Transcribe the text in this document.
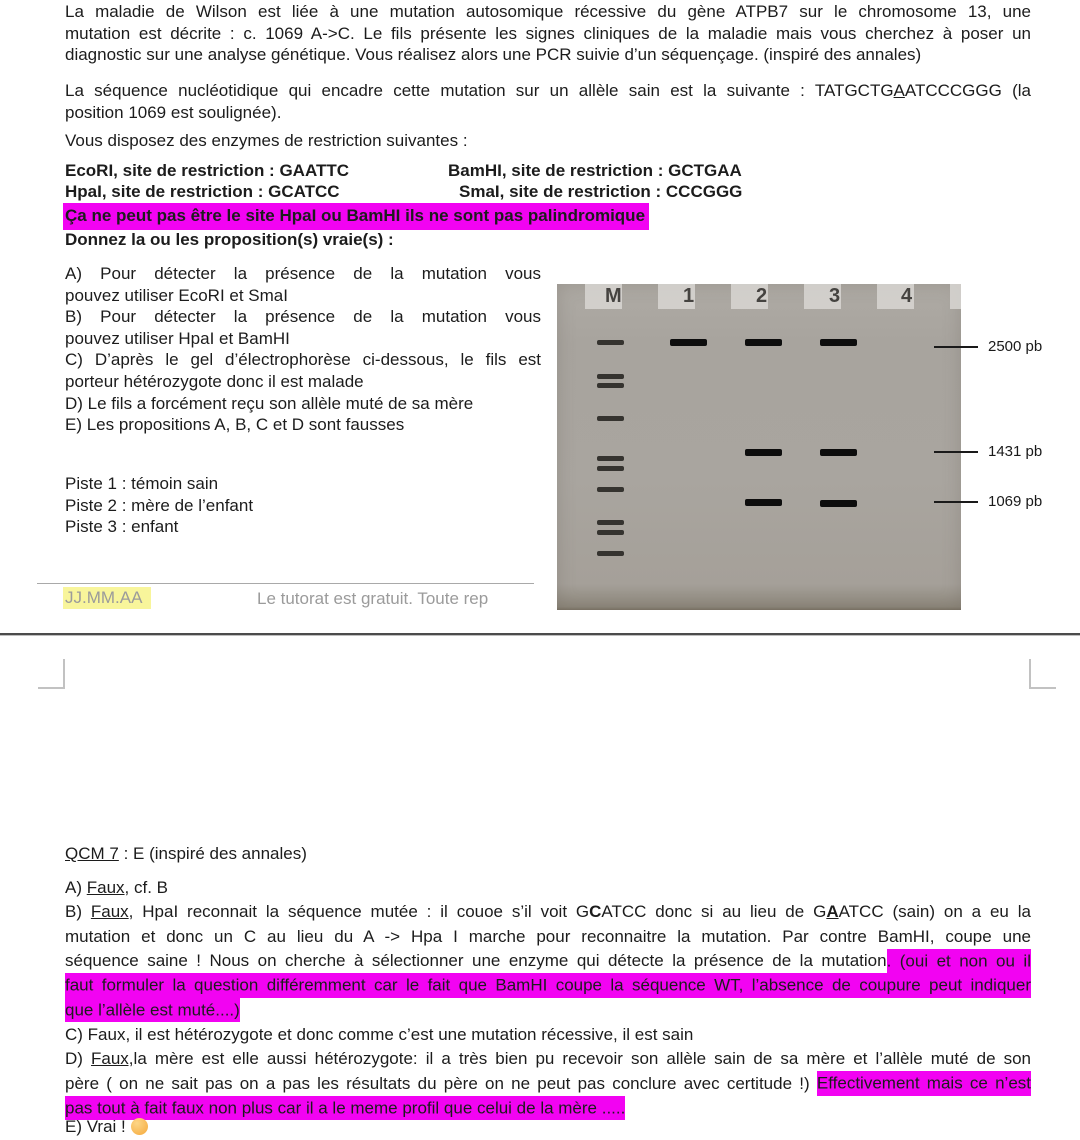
La maladie de Wilson est liée à une mutation autosomique récessive du gène ATPB7 sur le chromosome 13, une
mutation est décrite : c. 1069 A->C. Le fils présente les signes cliniques de la maladie mais vous cherchez à poser un
diagnostic sur une analyse génétique. Vous réalisez alors une PCR suivie d’un séquençage. (inspiré des annales)
La séquence nucléotidique qui encadre cette mutation sur un allèle sain est la suivante : TATGCTGAATCCCGGG (la
position 1069 est soulignée).
Vous disposez des enzymes de restriction suivantes :
EcoRI, site de restriction : GAATTC	BamHI, site de restriction : GCTGAA
HpaI, site de restriction : GCATCC	SmaI, site de restriction : CCCGGG
Ça ne peut pas être le site HpaI ou BamHI ils ne sont pas palindromique
Donnez la ou les proposition(s) vraie(s) :
A) Pour détecter la présence de la mutation vous
pouvez utiliser EcoRI et SmaI
B) Pour détecter la présence de la mutation vous
pouvez utiliser HpaI et BamHI
C) D’après le gel d’électrophorèse ci-dessous, le fils est
porteur hétérozygote donc il est malade
D) Le fils a forcément reçu son allèle muté de sa mère
E) Les propositions A, B, C et D sont fausses
Piste 1 : témoin sain
Piste 2 : mère de l’enfant
Piste 3 : enfant
JJ.MM.AA	Le tutorat est gratuit. Toute rep
M	1	2	3	4
2500 pb
1431 pb
1069 pb
QCM 7 : E (inspiré des annales)
A) Faux, cf. B
B) Faux, HpaI reconnait la séquence mutée : il couoe s’il voit GCATCC donc si au lieu de GAATCC (sain) on a eu la
mutation et donc un C au lieu du A -> Hpa I marche pour reconnaitre la mutation. Par contre BamHI, coupe une
séquence saine ! Nous on cherche à sélectionner une enzyme qui détecte la présence de la mutation. (oui et non ou il
faut formuler la question différemment car le fait que BamHI coupe la séquence WT, l’absence de coupure peut indiquer
que l’allèle est muté....)
C) Faux, il est hétérozygote et donc comme c’est une mutation récessive, il est sain
D) Faux,la mère est elle aussi hétérozygote: il a très bien pu recevoir son allèle sain de sa mère et l’allèle muté de son
père ( on ne sait pas on a pas les résultats du père on ne peut pas conclure avec certitude !) Effectivement mais ce n’est
pas tout à fait faux non plus car il a le meme profil que celui de la mère .....
E) Vrai !
